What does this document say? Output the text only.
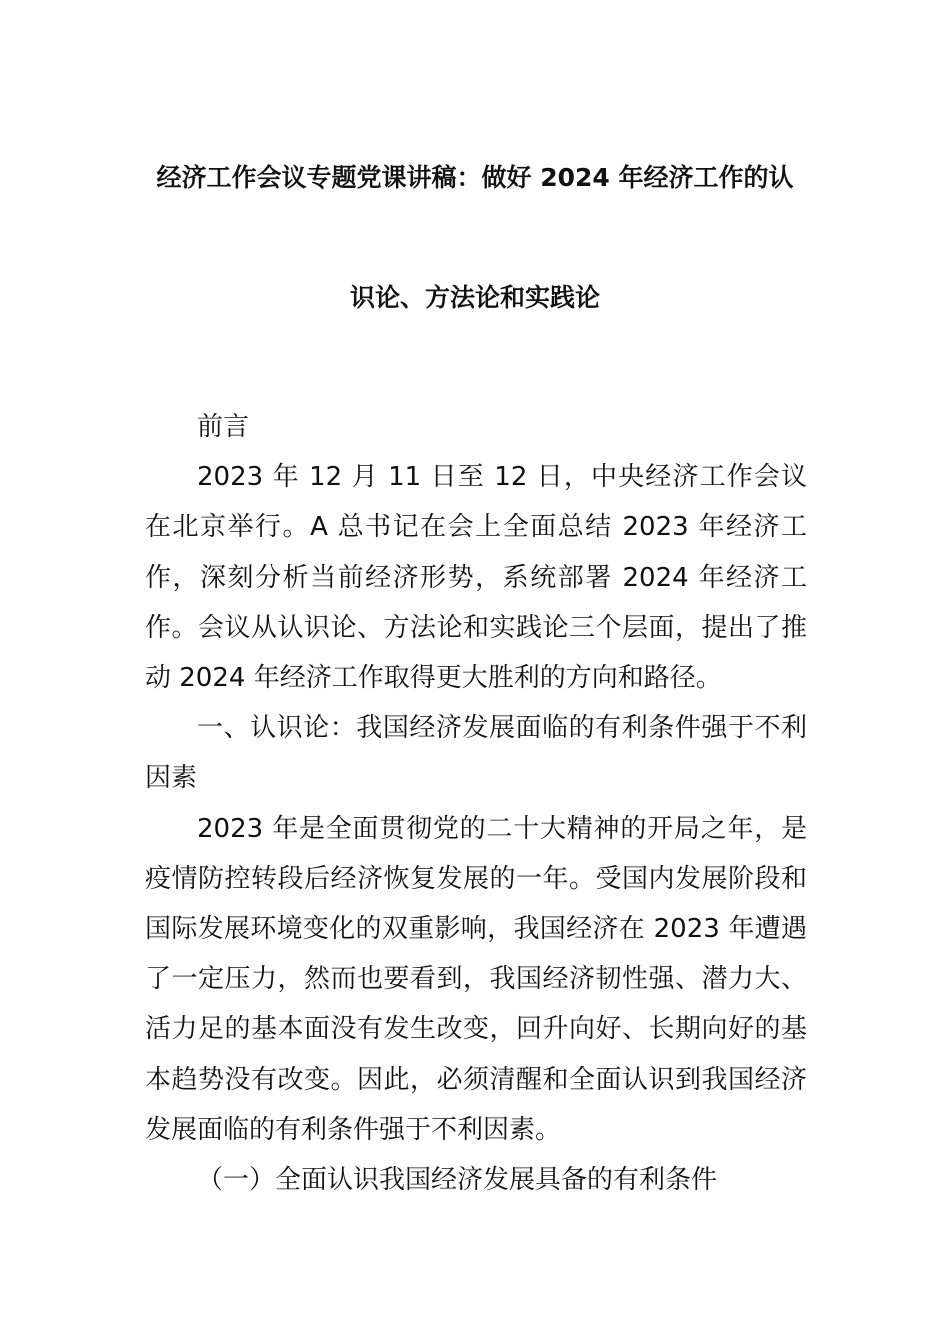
经济工作会议专题党课讲稿：做好 2024 年经济工作的认
识论、方法论和实践论

前言

2023 年 12 月 11 日至 12 日，中央经济工作会议在北京举行。A 总书记在会上全面总结 2023 年经济工作，深刻分析当前经济形势，系统部署 2024 年经济工作。会议从认识论、方法论和实践论三个层面，提出了推动 2024 年经济工作取得更大胜利的方向和路径。

一、认识论：我国经济发展面临的有利条件强于不利因素

2023 年是全面贯彻党的二十大精神的开局之年，是疫情防控转段后经济恢复发展的一年。受国内发展阶段和国际发展环境变化的双重影响，我国经济在 2023 年遭遇了一定压力，然而也要看到，我国经济韧性强、潜力大、活力足的基本面没有发生改变，回升向好、长期向好的基本趋势没有改变。因此，必须清醒和全面认识到我国经济发展面临的有利条件强于不利因素。

（一）全面认识我国经济发展具备的有利条件
